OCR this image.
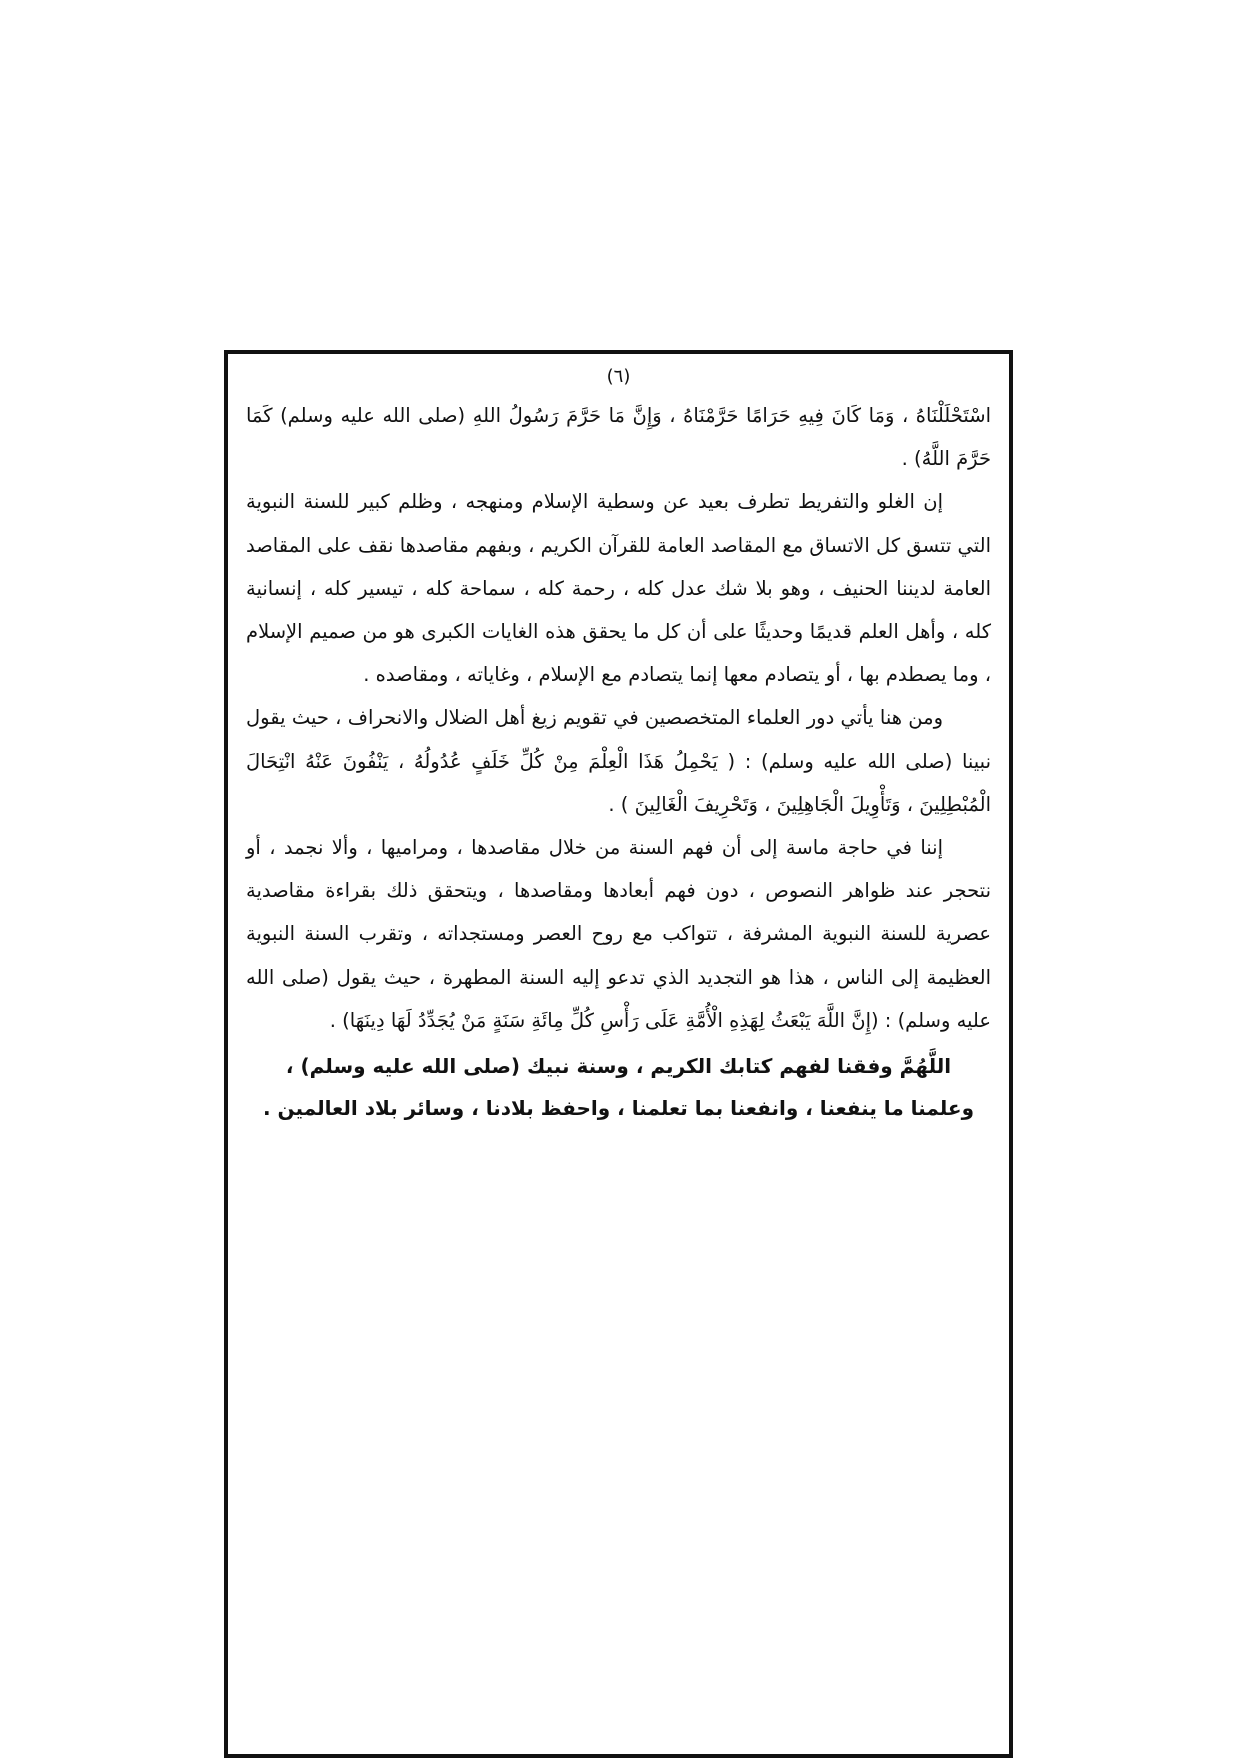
(٦)

اسْتَحْلَلْنَاهُ ، وَمَا كَانَ فِيهِ حَرَامًا حَرَّمْنَاهُ ، وَإِنَّ مَا حَرَّمَ رَسُولُ اللهِ (صلى الله عليه وسلم) كَمَا حَرَّمَ اللَّهُ) .

إن الغلو والتفريط تطرف بعيد عن وسطية الإسلام ومنهجه ، وظلم كبير للسنة النبوية التي تتسق كل الاتساق مع المقاصد العامة للقرآن الكريم ، وبفهم مقاصدها نقف على المقاصد العامة لديننا الحنيف ، وهو بلا شك عدل كله ، رحمة كله ، سماحة كله ، تيسير كله ، إنسانية كله ، وأهل العلم قديمًا وحديثًا على أن كل ما يحقق هذه الغايات الكبرى هو من صميم الإسلام ، وما يصطدم بها ، أو يتصادم معها إنما يتصادم مع الإسلام ، وغاياته ، ومقاصده .

ومن هنا يأتي دور العلماء المتخصصين في تقويم زيغ أهل الضلال والانحراف ، حيث يقول نبينا (صلى الله عليه وسلم) : ( يَحْمِلُ هَذَا الْعِلْمَ مِنْ كُلِّ خَلَفٍ عُدُولُهُ ، يَنْفُونَ عَنْهُ انْتِحَالَ الْمُبْطِلِينَ ، وَتَأْوِيلَ الْجَاهِلِينَ ، وَتَحْرِيفَ الْغَالِينَ ) .

إننا في حاجة ماسة إلى أن فهم السنة من خلال مقاصدها ، ومراميها ، وألا نجمد ، أو نتحجر عند ظواهر النصوص ، دون فهم أبعادها ومقاصدها ، ويتحقق ذلك بقراءة مقاصدية عصرية للسنة النبوية المشرفة ، تتواكب مع روح العصر ومستجداته ، وتقرب السنة النبوية العظيمة إلى الناس ، هذا هو التجديد الذي تدعو إليه السنة المطهرة ، حيث يقول (صلى الله عليه وسلم) : (إِنَّ اللَّهَ يَبْعَثُ لِهَذِهِ الْأُمَّةِ عَلَى رَأْسِ كُلِّ مِائَةِ سَنَةٍ مَنْ يُجَدِّدُ لَهَا دِينَهَا) .

اللَّهُمَّ وفقنا لفهم كتابك الكريم ، وسنة نبيك (صلى الله عليه وسلم) ،

وعلمنا ما ينفعنا ، وانفعنا بما تعلمنا ، واحفظ بلادنا ، وسائر بلاد العالمين .
